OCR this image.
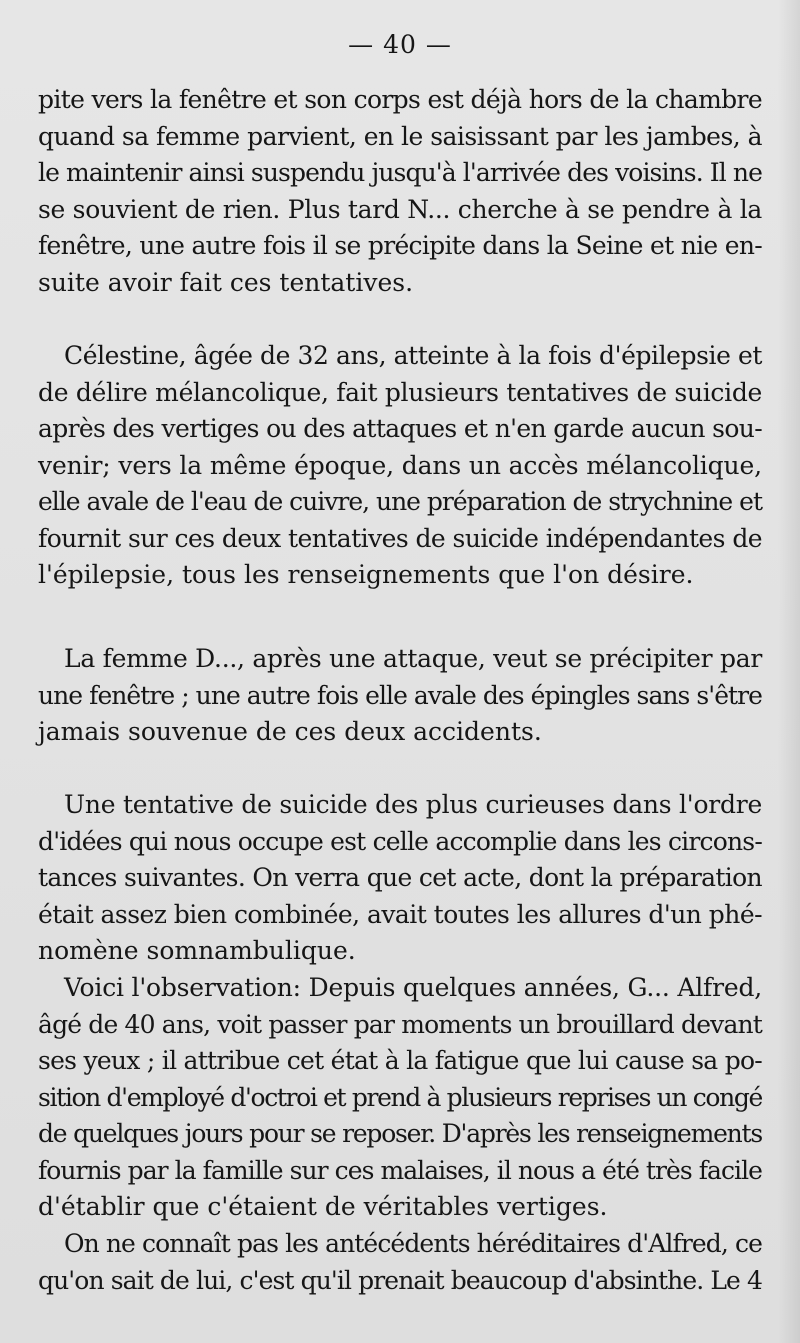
— 40 —
pite vers la fenêtre et son corps est déjà hors de la chambre
quand sa femme parvient, en le saisissant par les jambes, à
le maintenir ainsi suspendu jusqu'à l'arrivée des voisins. Il ne
se souvient de rien. Plus tard N... cherche à se pendre à la
fenêtre, une autre fois il se précipite dans la Seine et nie en-
suite avoir fait ces tentatives.
Célestine, âgée de 32 ans, atteinte à la fois d'épilepsie et
de délire mélancolique, fait plusieurs tentatives de suicide
après des vertiges ou des attaques et n'en garde aucun sou-
venir; vers la même époque, dans un accès mélancolique,
elle avale de l'eau de cuivre, une préparation de strychnine et
fournit sur ces deux tentatives de suicide indépendantes de
l'épilepsie, tous les renseignements que l'on désire.
La femme D..., après une attaque, veut se précipiter par
une fenêtre ; une autre fois elle avale des épingles sans s'être
jamais souvenue de ces deux accidents.
Une tentative de suicide des plus curieuses dans l'ordre
d'idées qui nous occupe est celle accomplie dans les circons-
tances suivantes. On verra que cet acte, dont la préparation
était assez bien combinée, avait toutes les allures d'un phé-
nomène somnambulique.
Voici l'observation: Depuis quelques années, G... Alfred,
âgé de 40 ans, voit passer par moments un brouillard devant
ses yeux ; il attribue cet état à la fatigue que lui cause sa po-
sition d'employé d'octroi et prend à plusieurs reprises un congé
de quelques jours pour se reposer. D'après les renseignements
fournis par la famille sur ces malaises, il nous a été très facile
d'établir que c'étaient de véritables vertiges.
On ne connaît pas les antécédents héréditaires d'Alfred, ce
qu'on sait de lui, c'est qu'il prenait beaucoup d'absinthe. Le 4
